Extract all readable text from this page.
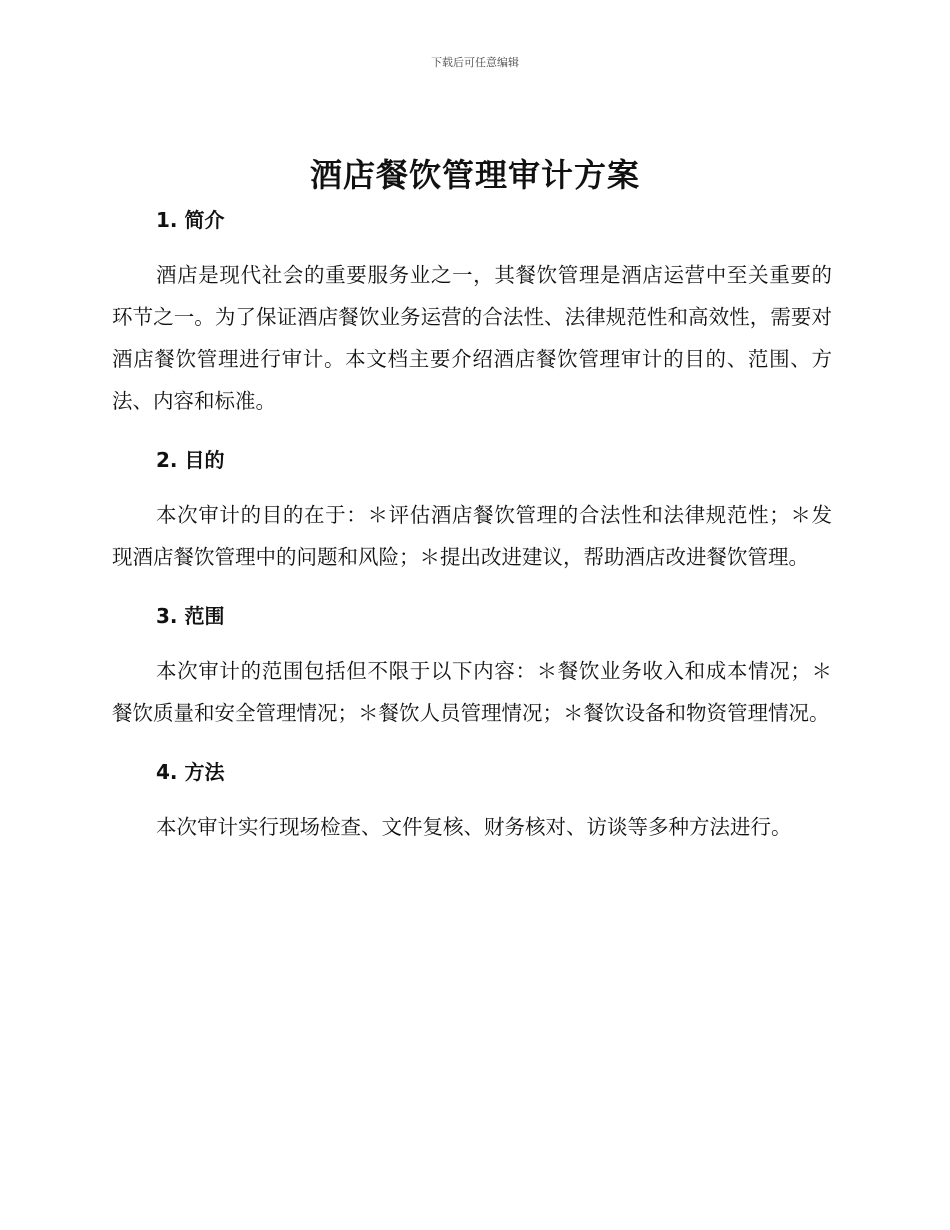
下载后可任意编辑
酒店餐饮管理审计方案
1. 简介

酒店是现代社会的重要服务业之一，其餐饮管理是酒店运营中至关重要的环节之一。为了保证酒店餐饮业务运营的合法性、法律规范性和高效性，需要对酒店餐饮管理进行审计。本文档主要介绍酒店餐饮管理审计的目的、范围、方法、内容和标准。

2. 目的

本次审计的目的在于：＊评估酒店餐饮管理的合法性和法律规范性；＊发现酒店餐饮管理中的问题和风险；＊提出改进建议，帮助酒店改进餐饮管理。

3. 范围

本次审计的范围包括但不限于以下内容：＊餐饮业务收入和成本情况；＊餐饮质量和安全管理情况；＊餐饮人员管理情况；＊餐饮设备和物资管理情况。

4. 方法

本次审计实行现场检查、文件复核、财务核对、访谈等多种方法进行。
